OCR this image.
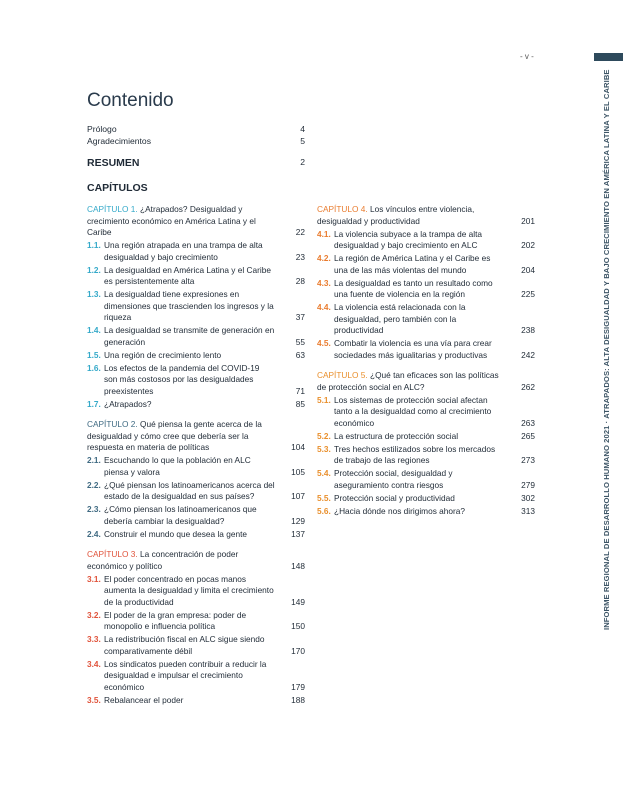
- v -
INFORME REGIONAL DE DESARROLLO HUMANO 2021 · ATRAPADOS: ALTA DESIGUALDAD Y BAJO CRECIMIENTO EN AMÉRICA LATINA Y EL CARIBE
Contenido
Prólogo	4
Agradecimientos	5
RESUMEN	2
CAPÍTULOS
CAPÍTULO 1. ¿Atrapados? Desigualdad y crecimiento económico en América Latina y el Caribe	22
1.1. Una región atrapada en una trampa de alta desigualdad y bajo crecimiento	23
1.2. La desigualdad en América Latina y el Caribe es persistentemente alta	28
1.3. La desigualdad tiene expresiones en dimensiones que trascienden los ingresos y la riqueza	37
1.4. La desigualdad se transmite de generación en generación	55
1.5. Una región de crecimiento lento	63
1.6. Los efectos de la pandemia del COVID-19 son más costosos por las desigualdades preexistentes	71
1.7. ¿Atrapados?	85
CAPÍTULO 2. Qué piensa la gente acerca de la desigualdad y cómo cree que debería ser la respuesta en materia de políticas	104
2.1. Escuchando lo que la población en ALC piensa y valora	105
2.2. ¿Qué piensan los latinoamericanos acerca del estado de la desigualdad en sus países?	107
2.3. ¿Cómo piensan los latinoamericanos que debería cambiar la desigualdad?	129
2.4. Construir el mundo que desea la gente	137
CAPÍTULO 3. La concentración de poder económico y político	148
3.1. El poder concentrado en pocas manos aumenta la desigualdad y limita el crecimiento de la productividad	149
3.2. El poder de la gran empresa: poder de monopolio e influencia política	150
3.3. La redistribución fiscal en ALC sigue siendo comparativamente débil	170
3.4. Los sindicatos pueden contribuir a reducir la desigualdad e impulsar el crecimiento económico	179
3.5. Rebalancear el poder	188
CAPÍTULO 4. Los vínculos entre violencia, desigualdad y productividad	201
4.1. La violencia subyace a la trampa de alta desigualdad y bajo crecimiento en ALC	202
4.2. La región de América Latina y el Caribe es una de las más violentas del mundo	204
4.3. La desigualdad es tanto un resultado como una fuente de violencia en la región	225
4.4. La violencia está relacionada con la desigualdad, pero también con la productividad	238
4.5. Combatir la violencia es una vía para crear sociedades más igualitarias y productivas	242
CAPÍTULO 5. ¿Qué tan eficaces son las políticas de protección social en ALC?	262
5.1. Los sistemas de protección social afectan tanto a la desigualdad como al crecimiento económico	263
5.2. La estructura de protección social	265
5.3. Tres hechos estilizados sobre los mercados de trabajo de las regiones	273
5.4. Protección social, desigualdad y aseguramiento contra riesgos	279
5.5. Protección social y productividad	302
5.6. ¿Hacia dónde nos dirigimos ahora?	313
